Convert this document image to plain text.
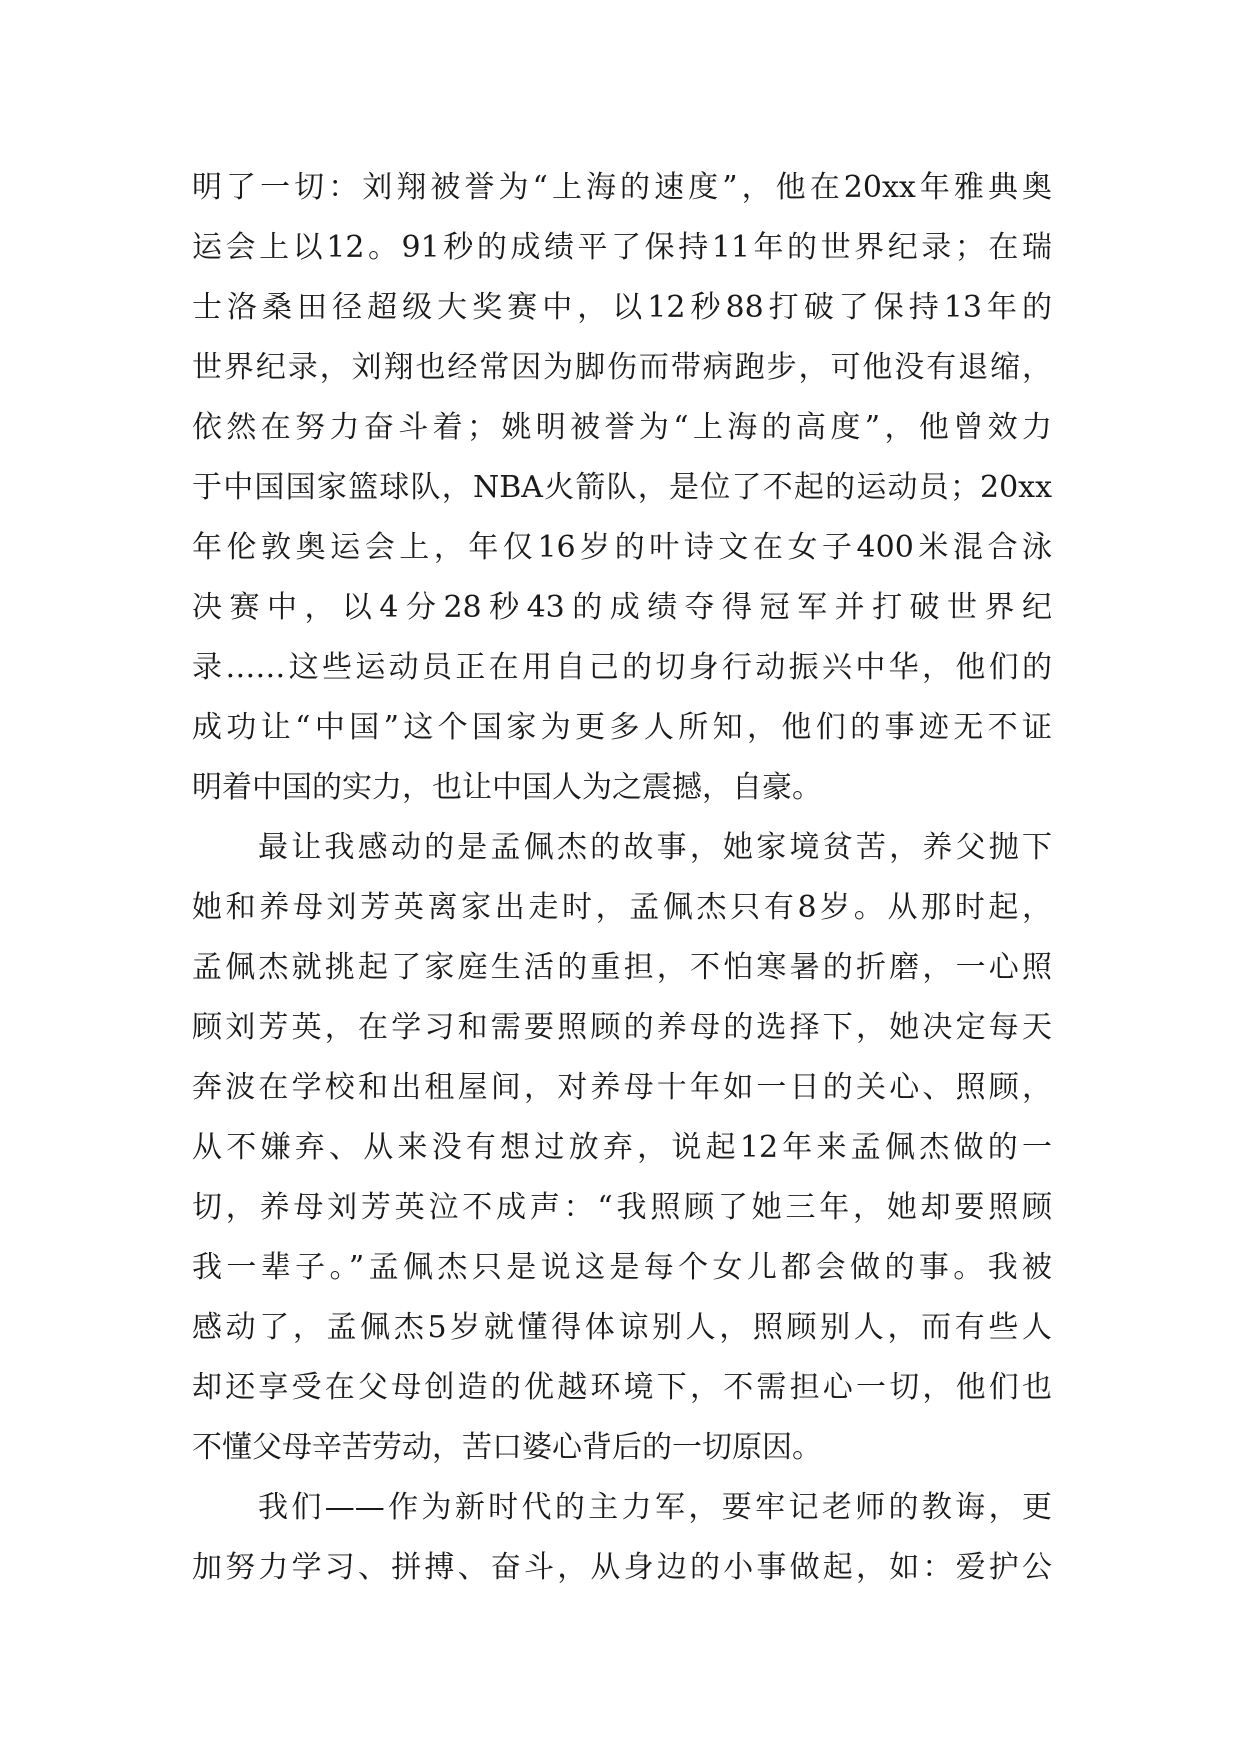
明了一切：刘翔被誉为“上海的速度”，他在20xx年雅典奥
运会上以12。91秒的成绩平了保持11年的世界纪录；在瑞
士洛桑田径超级大奖赛中，以12秒88打破了保持13年的
世界纪录，刘翔也经常因为脚伤而带病跑步，可他没有退缩，
依然在努力奋斗着；姚明被誉为“上海的高度”，他曾效力
于中国国家篮球队，NBA火箭队，是位了不起的运动员；20xx
年伦敦奥运会上，年仅16岁的叶诗文在女子400米混合泳
决赛中，以4分28秒43的成绩夺得冠军并打破世界纪
录……这些运动员正在用自己的切身行动振兴中华，他们的
成功让“中国”这个国家为更多人所知，他们的事迹无不证
明着中国的实力，也让中国人为之震撼，自豪。
最让我感动的是孟佩杰的故事，她家境贫苦，养父抛下
她和养母刘芳英离家出走时，孟佩杰只有8岁。从那时起，
孟佩杰就挑起了家庭生活的重担，不怕寒暑的折磨，一心照
顾刘芳英，在学习和需要照顾的养母的选择下，她决定每天
奔波在学校和出租屋间，对养母十年如一日的关心、照顾，
从不嫌弃、从来没有想过放弃，说起12年来孟佩杰做的一
切，养母刘芳英泣不成声：“我照顾了她三年，她却要照顾
我一辈子。”孟佩杰只是说这是每个女儿都会做的事。我被
感动了，孟佩杰5岁就懂得体谅别人，照顾别人，而有些人
却还享受在父母创造的优越环境下，不需担心一切，他们也
不懂父母辛苦劳动，苦口婆心背后的一切原因。
我们——作为新时代的主力军，要牢记老师的教诲，更
加努力学习、拼搏、奋斗，从身边的小事做起，如：爱护公
